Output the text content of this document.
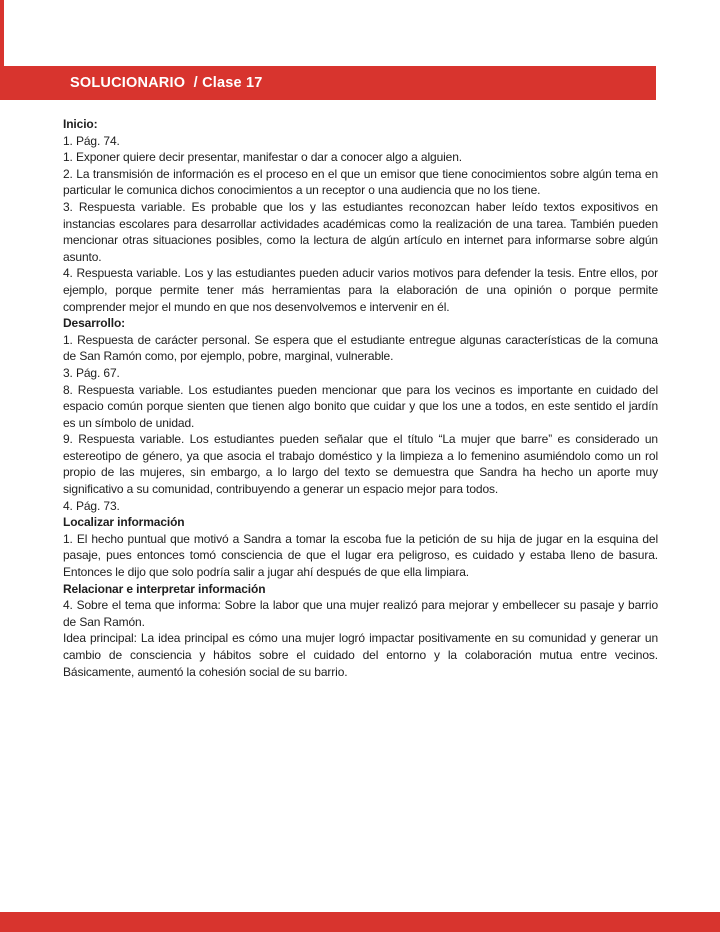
SOLUCIONARIO  / Clase 17

Inicio:

1. Pág. 74.

1. Exponer quiere decir presentar, manifestar o dar a conocer algo a alguien.

2. La transmisión de información es el proceso en el que un emisor que tiene conocimientos sobre algún tema en particular le comunica dichos conocimientos a un receptor o una audiencia que no los tiene.

3. Respuesta variable. Es probable que los y las estudiantes reconozcan haber leído textos expositivos en instancias escolares para desarrollar actividades académicas como la realización de una tarea. También pueden mencionar otras situaciones posibles, como la lectura de algún artículo en internet para informarse sobre algún asunto.

4. Respuesta variable. Los y las estudiantes pueden aducir varios motivos para defender la tesis. Entre ellos, por ejemplo, porque permite tener más herramientas para la elaboración de una opinión o porque permite comprender mejor el mundo en que nos desenvolvemos e intervenir en él.

Desarrollo:

1. Respuesta de carácter personal. Se espera que el estudiante entregue algunas características de la comuna de San Ramón como, por ejemplo, pobre, marginal, vulnerable.

3. Pág. 67.

8. Respuesta variable. Los estudiantes pueden mencionar que para los vecinos es importante en cuidado del espacio común porque sienten que tienen algo bonito que cuidar y que los une a todos, en este sentido el jardín es un símbolo de unidad.

9. Respuesta variable. Los estudiantes pueden señalar que el título “La mujer que barre” es considerado un estereotipo de género, ya que asocia el trabajo doméstico y la limpieza a lo femenino asumiéndolo como un rol propio de las mujeres, sin embargo, a lo largo del texto se demuestra que Sandra ha hecho un aporte muy significativo a su comunidad, contribuyendo a generar un espacio mejor para todos.

4. Pág. 73.

Localizar información

1. El hecho puntual que motivó a Sandra a tomar la escoba fue la petición de su hija de jugar en la esquina del pasaje, pues entonces tomó consciencia de que el lugar era peligroso, es cuidado y estaba lleno de basura. Entonces le dijo que solo podría salir a jugar ahí después de que ella limpiara.

Relacionar e interpretar información

4. Sobre el tema que informa: Sobre la labor que una mujer realizó para mejorar y embellecer su pasaje y barrio de San Ramón.

Idea principal: La idea principal es cómo una mujer logró impactar positivamente en su comunidad y generar un cambio de consciencia y hábitos sobre el cuidado del entorno y la colaboración mutua entre vecinos. Básicamente, aumentó la cohesión social de su barrio.
